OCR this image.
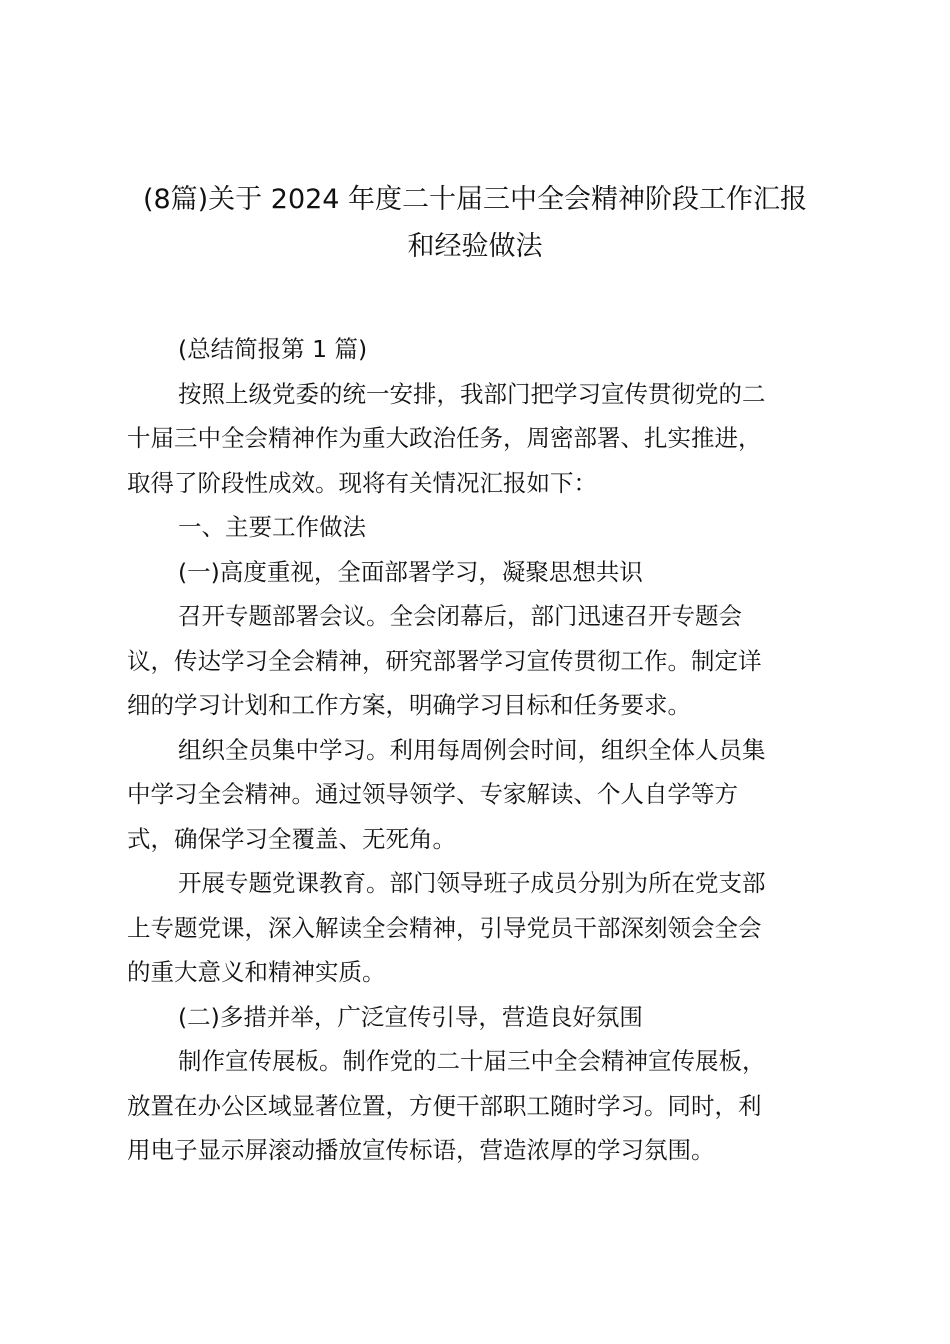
(8篇)关于 2024 年度二十届三中全会精神阶段工作汇报
和经验做法
(总结简报第 1 篇)
按照上级党委的统一安排，我部门把学习宣传贯彻党的二
十届三中全会精神作为重大政治任务，周密部署、扎实推进，
取得了阶段性成效。现将有关情况汇报如下：
一、主要工作做法
(一)高度重视，全面部署学习，凝聚思想共识
召开专题部署会议。全会闭幕后，部门迅速召开专题会
议，传达学习全会精神，研究部署学习宣传贯彻工作。制定详
细的学习计划和工作方案，明确学习目标和任务要求。
组织全员集中学习。利用每周例会时间，组织全体人员集
中学习全会精神。通过领导领学、专家解读、个人自学等方
式，确保学习全覆盖、无死角。
开展专题党课教育。部门领导班子成员分别为所在党支部
上专题党课，深入解读全会精神，引导党员干部深刻领会全会
的重大意义和精神实质。
(二)多措并举，广泛宣传引导，营造良好氛围
制作宣传展板。制作党的二十届三中全会精神宣传展板，
放置在办公区域显著位置，方便干部职工随时学习。同时，利
用电子显示屏滚动播放宣传标语，营造浓厚的学习氛围。
